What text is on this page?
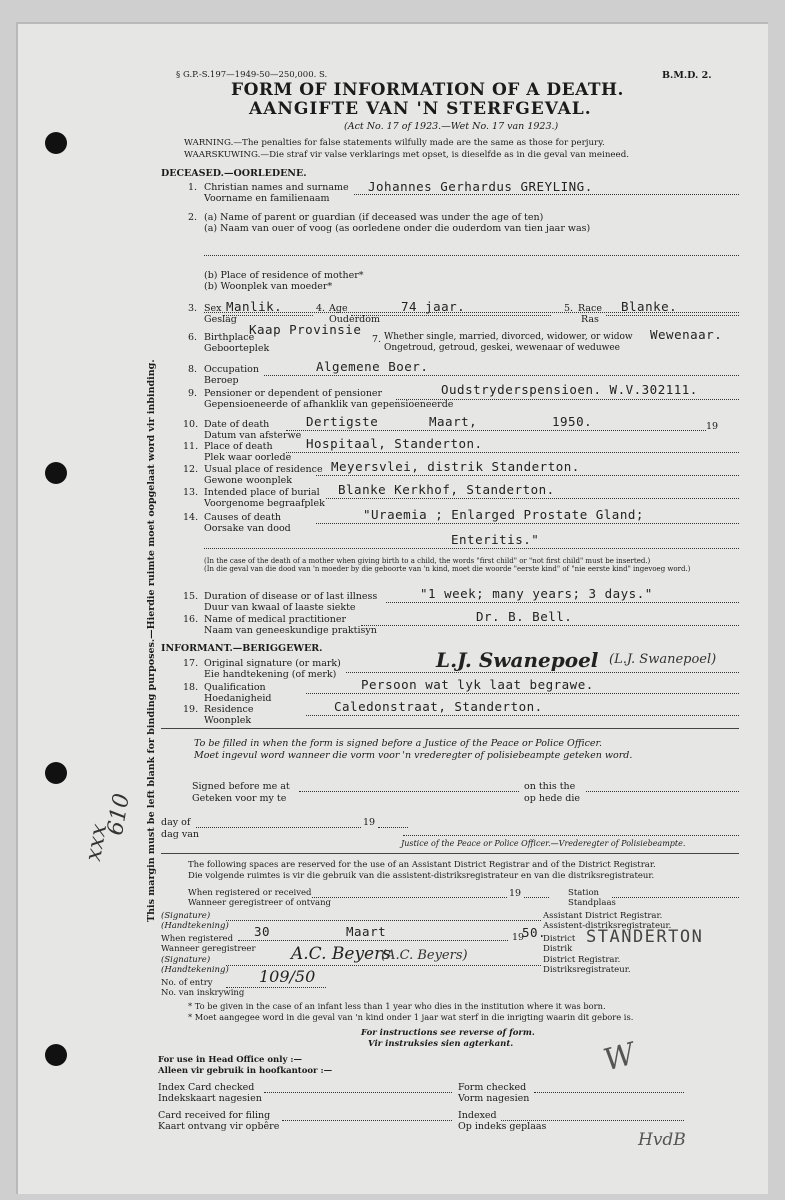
This margin must be left blank for binding purposes.—Hierdie ruimte moet oopgelaat word vir inbinding.
610
xxx
§ G.P.-S.197—1949-50—250,000. S.	B.M.D. 2.
FORM OF INFORMATION OF A DEATH.
AANGIFTE VAN 'N STERFGEVAL.
(Act No. 17 of 1923.—Wet No. 17 van 1923.)
WARNING.—The penalties for false statements wilfully made are the same as those for perjury.
WAARSKUWING.—Die straf vir valse verklarings met opset, is dieselfde as in die geval van meineed.
DECEASED.—OORLEDENE.
1. Christian names and surname
Voorname en familienaam
Johannes Gerhardus GREYLING.
2. (a) Name of parent or guardian (if deceased was under the age of ten)
(a) Naam van ouer of voog (as oorledene onder die ouderdom van tien jaar was)
(b) Place of residence of mother*
(b) Woonplek van moeder*
3. Sex
Geslag
Manlik.	4. Age
Ouderdom
74 jaar.	5. Race
Ras
Blanke.
6. Birthplace
Geboorteplek
Kaap Provinsie
7. Whether single, married, divorced, widower, or widow
Ongetroud, getroud, geskei, wewenaar of weduwee
Wewenaar.
8. Occupation
Beroep
Algemene Boer.
9. Pensioner or dependent of pensioner
Gepensioeneerde of afhanklik van gepensioeneerde
Oudstryderspensioen. W.V.302111.
10. Date of death
Datum van afsterwe
Dertigste	Maart,	1950.	19
11. Place of death
Plek waar oorlede
Hospitaal, Standerton.
12. Usual place of residence
Gewone woonplek
Meyersvlei, distrik Standerton.
13. Intended place of burial
Voorgenome begraafplek
Blanke Kerkhof, Standerton.
14. Causes of death
Oorsake van dood
"Uraemia ; Enlarged Prostate Gland;
Enteritis."
(In the case of the death of a mother when giving birth to a child, the words "first child" or "not first child" must be inserted.)
(In die geval van die dood van 'n moeder by die geboorte van 'n kind, moet die woorde "eerste kind" of "nie eerste kind" ingevoeg word.)
15. Duration of disease or of last illness
Duur van kwaal of laaste siekte
"1 week; many years; 3 days."
16. Name of medical practitioner
Naam van geneeskundige praktisyn
Dr. B. Bell.
INFORMANT.—BERIGGEWER.
17. Original signature (or mark)
Eie handtekening (of merk)
L.J. Swanepoel (L.J. Swanepoel)
18. Qualification
Hoedanigheid
Persoon wat lyk laat begrawe.
19. Residence
Woonplek
Caledonstraat, Standerton.
To be filled in when the form is signed before a Justice of the Peace or Police Officer.
Moet ingevul word wanneer die vorm voor 'n vrederegter of polisiebeampte geteken word.
Signed before me at
Geteken voor my te
on this the
op hede die
day of
dag van
19
Justice of the Peace or Police Officer.—Vrederegter of Polisiebeampte.
The following spaces are reserved for the use of an Assistant District Registrar and of the District Registrar.
Die volgende ruimtes is vir die gebruik van die assistent-distriksregistrateur en van die distriksregistrateur.
When registered or received
Wanneer geregistreer of ontvang
19	Station
Standplaas
(Signature)
(Handtekening)
Assistant District Registrar.
Assistent-distriksregistrateur.
When registered
Wanneer geregistreer
30	Maart	19
50.
District
Distrik
STANDERTON
(Signature)
(Handtekening)
A.C. Beyers
(A.C. Beyers)	District Registrar.
Distriksregistrateur.
No. of entry
No. van inskrywing
109/50
* To be given in the case of an infant less than 1 year who dies in the institution where it was born.
* Moet aangegee word in die geval van 'n kind onder 1 jaar wat sterf in die inrigting waarin dit gebore is.
For instructions see reverse of form.
Vir instruksies sien agterkant.
For use in Head Office only :—
Alleen vir gebruik in hoofkantoor :—
Index Card checked
Indekskaart nagesien
Form checked
Vorm nagesien
Card received for filing
Kaart ontvang vir opbêre
Indexed
Op indeks geplaas
W
HvdB
